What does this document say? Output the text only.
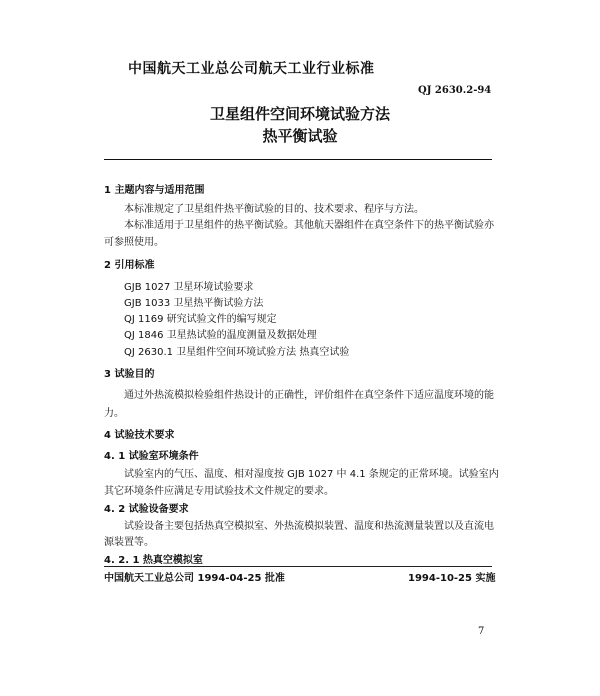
中国航天工业总公司航天工业行业标准
QJ 2630.2-94
卫星组件空间环境试验方法
热平衡试验
1 主题内容与适用范围
本标准规定了卫星组件热平衡试验的目的、技术要求、程序与方法。
本标准适用于卫星组件的热平衡试验。其他航天器组件在真空条件下的热平衡试验亦
可参照使用。
2 引用标准
GJB 1027 卫星环境试验要求
GJB 1033 卫星热平衡试验方法
QJ 1169 研究试验文件的编写规定
QJ 1846 卫星热试验的温度测量及数据处理
QJ 2630.1 卫星组件空间环境试验方法 热真空试验
3 试验目的
通过外热流模拟检验组件热设计的正确性，评价组件在真空条件下适应温度环境的能
力。
4 试验技术要求
4. 1 试验室环境条件
试验室内的气压、温度、相对湿度按 GJB 1027 中 4.1 条规定的正常环境。试验室内
其它环境条件应满足专用试验技术文件规定的要求。
4. 2 试验设备要求
试验设备主要包括热真空模拟室、外热流模拟装置、温度和热流测量装置以及直流电
源装置等。
4. 2. 1 热真空模拟室
中国航天工业总公司 1994-04-25 批准	1994-10-25 实施
7
